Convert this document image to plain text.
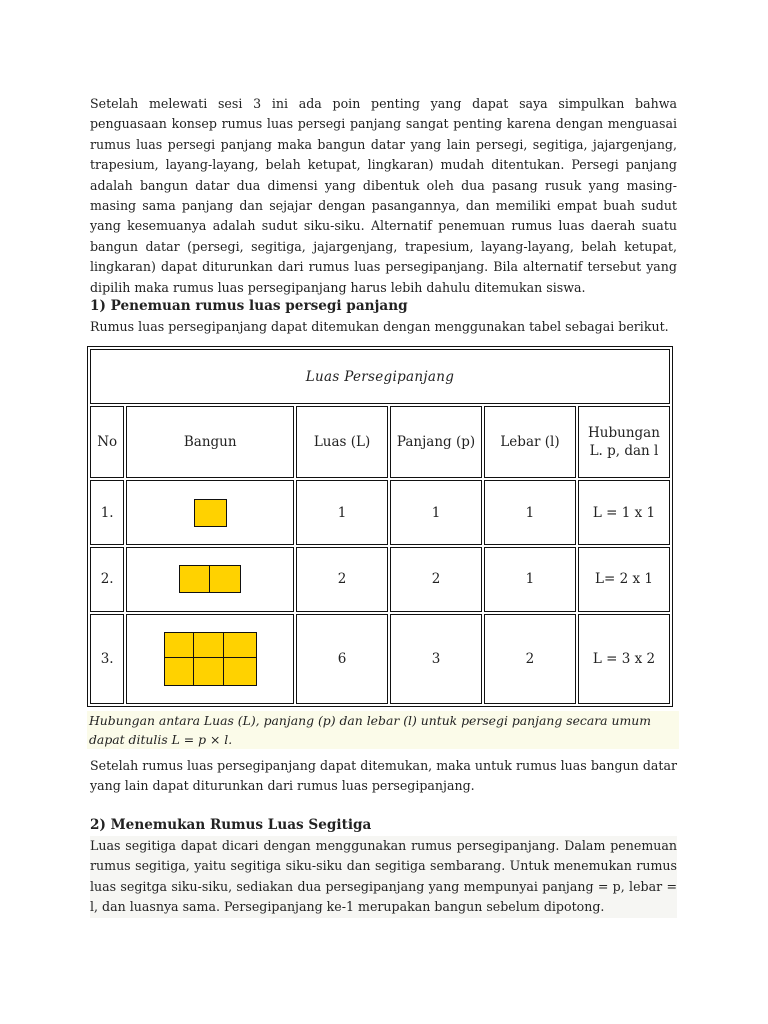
Setelah melewati sesi 3 ini ada poin penting yang dapat saya simpulkan bahwa penguasaan konsep rumus luas persegi panjang sangat penting karena dengan menguasai rumus luas persegi panjang maka bangun datar yang lain persegi, segitiga, jajargenjang, trapesium, layang-layang, belah ketupat, lingkaran) mudah ditentukan. Persegi panjang adalah bangun datar dua dimensi yang dibentuk oleh dua pasang rusuk yang masing-masing sama panjang dan sejajar dengan pasangannya, dan memiliki empat buah sudut yang kesemuanya adalah sudut siku-siku. Alternatif penemuan rumus luas daerah suatu bangun datar (persegi, segitiga, jajargenjang, trapesium, layang-layang, belah ketupat, lingkaran) dapat diturunkan dari rumus luas persegipanjang. Bila alternatif tersebut yang dipilih maka rumus luas persegipanjang harus lebih dahulu ditemukan siswa.

1) Penemuan rumus luas persegi panjang

Rumus luas persegipanjang dapat ditemukan dengan menggunakan tabel sebagai berikut.

Luas Persegipanjang					
No	Bangun	Luas (L)	Panjang (p)	Lebar (l)	Hubungan
L. p, dan l
1.		1	1	1	L = 1 x 1
2.		2	2	1	L= 2 x 1
3.		6	3	2	L = 3 x 2

Hubungan antara Luas (L), panjang (p) dan lebar (l) untuk persegi panjang secara umum dapat ditulis L = p × l.

Setelah rumus luas persegipanjang dapat ditemukan, maka untuk rumus luas bangun datar yang lain dapat diturunkan dari rumus luas persegipanjang.

2) Menemukan Rumus Luas Segitiga

Luas segitiga dapat dicari dengan menggunakan rumus persegipanjang. Dalam penemuan rumus segitiga, yaitu segitiga siku-siku dan segitiga sembarang. Untuk menemukan rumus luas segitga siku-siku, sediakan dua persegipanjang yang mempunyai panjang = p, lebar = l, dan luasnya sama. Persegipanjang ke-1 merupakan bangun sebelum dipotong.
